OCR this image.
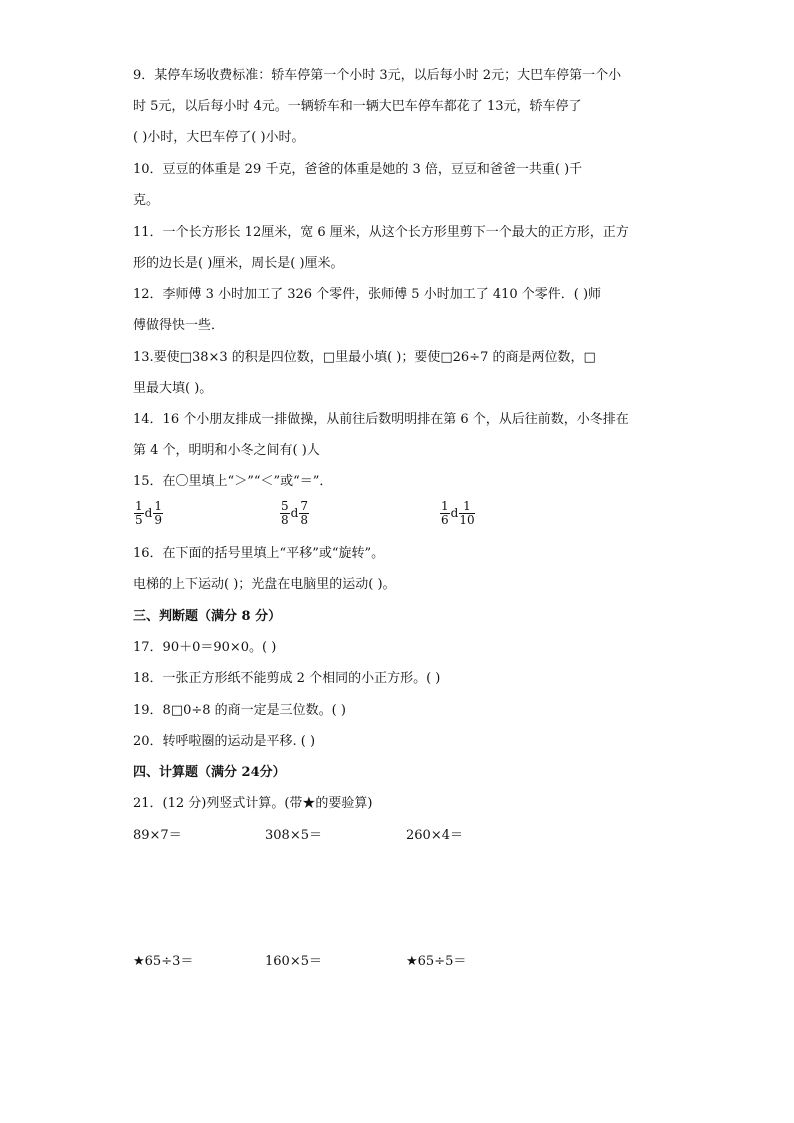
9．某停车场收费标准：轿车停第一个小时 3元，以后每小时 2元；大巴车停第一个小
时 5元，以后每小时 4元。一辆轿车和一辆大巴车停车都花了 13元，轿车停了
( )小时，大巴车停了( )小时。
10．豆豆的体重是 29 千克，爸爸的体重是她的 3 倍，豆豆和爸爸一共重( )千
克。
11．一个长方形长 12厘米，宽 6 厘米，从这个长方形里剪下一个最大的正方形，正方
形的边长是( )厘米，周长是( )厘米。
12．李师傅 3 小时加工了 326 个零件，张师傅 5 小时加工了 410 个零件．( )师
傅做得快一些．
13.要使□38×3 的积是四位数，□里最小填( )；要使□26÷7 的商是两位数，□
里最大填( )。
14．16 个小朋友排成一排做操，从前往后数明明排在第 6 个，从后往前数，小冬排在
第 4 个，明明和小冬之间有( )人
15．在〇里填上“＞”“＜”或“＝”．
$\frac{1}{5}$ d $\frac{1}{9}$	$\frac{5}{8}$ d $\frac{7}{8}$	$\frac{1}{6}$ d $\frac{1}{10}$
16．在下面的括号里填上“平移”或“旋转”。
电梯的上下运动( )；光盘在电脑里的运动( )。
三、判断题（满分 8 分）
17．90＋0＝90×0。( )
18．一张正方形纸不能剪成 2 个相同的小正方形。( )
19．8□0÷8 的商一定是三位数。( )
20．转呼啦圈的运动是平移. ( )
四、计算题（满分 24分）
21．(12 分)列竖式计算。(带★的要验算)
89×7＝	308×5＝	260×4＝
★65÷3＝	160×5＝	★65÷5＝
